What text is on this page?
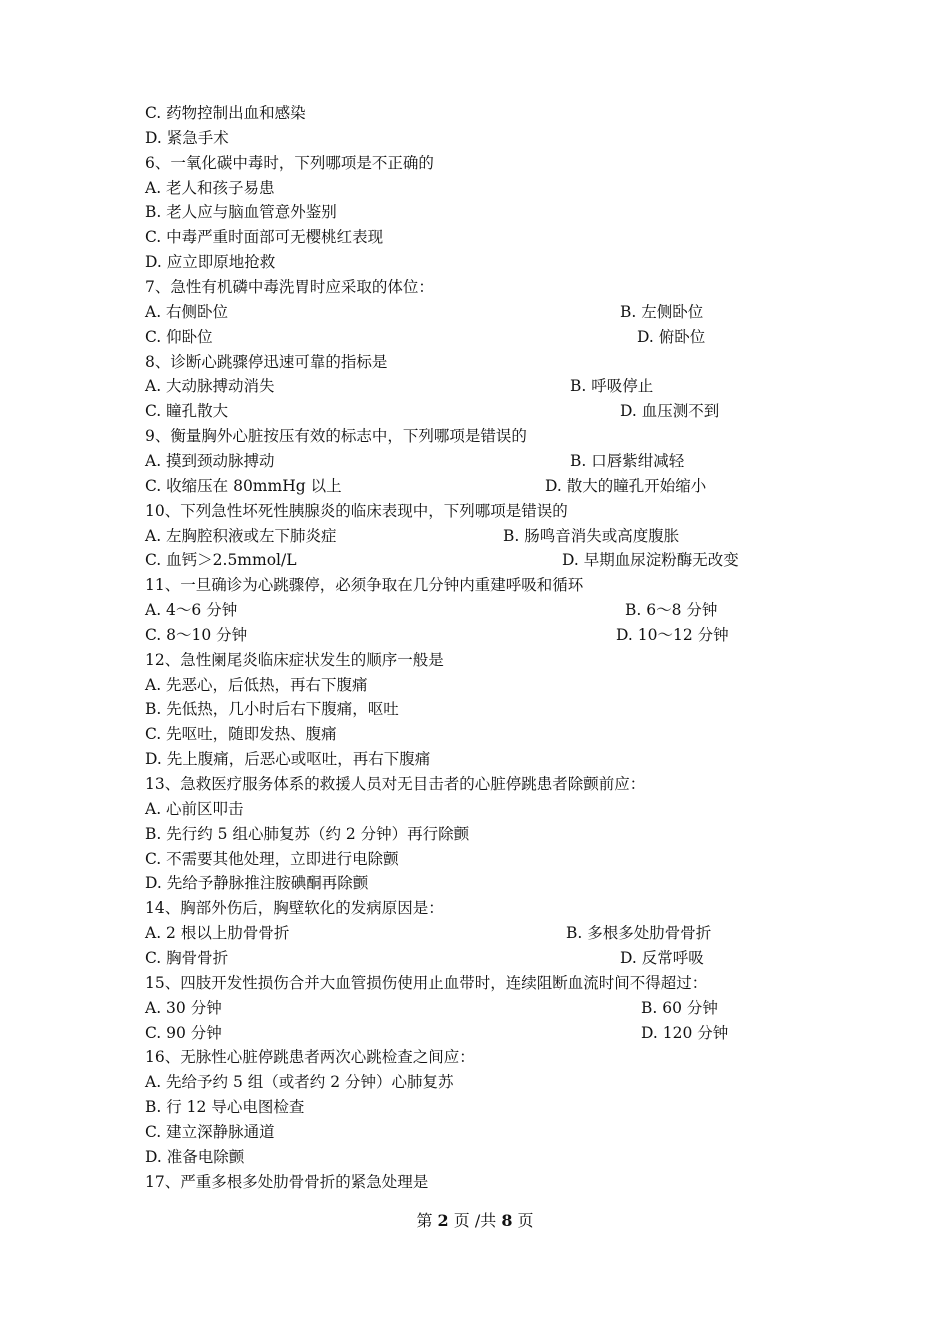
C. 药物控制出血和感染
D. 紧急手术
6、一氧化碳中毒时，下列哪项是不正确的
A. 老人和孩子易患
B. 老人应与脑血管意外鉴别
C. 中毒严重时面部可无樱桃红表现
D. 应立即原地抢救
7、急性有机磷中毒洗胃时应采取的体位：
A. 右侧卧位	B. 左侧卧位
C. 仰卧位	D. 俯卧位
8、诊断心跳骤停迅速可靠的指标是
A. 大动脉搏动消失	B. 呼吸停止
C. 瞳孔散大	D. 血压测不到
9、衡量胸外心脏按压有效的标志中，下列哪项是错误的
A. 摸到颈动脉搏动	B. 口唇紫绀减轻
C. 收缩压在 80mmHg 以上	D. 散大的瞳孔开始缩小
10、下列急性坏死性胰腺炎的临床表现中，下列哪项是错误的
A. 左胸腔积液或左下肺炎症	B. 肠鸣音消失或高度腹胀
C. 血钙＞2.5mmol/L	D. 早期血尿淀粉酶无改变
11、一旦确诊为心跳骤停，必须争取在几分钟内重建呼吸和循环
A. 4～6 分钟	B. 6～8 分钟
C. 8～10 分钟	D. 10～12 分钟
12、急性阑尾炎临床症状发生的顺序一般是
A. 先恶心，后低热，再右下腹痛
B. 先低热，几小时后右下腹痛，呕吐
C. 先呕吐，随即发热、腹痛
D. 先上腹痛，后恶心或呕吐，再右下腹痛
13、急救医疗服务体系的救援人员对无目击者的心脏停跳患者除颤前应：
A. 心前区叩击
B. 先行约 5 组心肺复苏（约 2 分钟）再行除颤
C. 不需要其他处理，立即进行电除颤
D. 先给予静脉推注胺碘酮再除颤
14、胸部外伤后，胸壁软化的发病原因是：
A. 2 根以上肋骨骨折	B. 多根多处肋骨骨折
C. 胸骨骨折	D. 反常呼吸
15、四肢开发性损伤合并大血管损伤使用止血带时，连续阻断血流时间不得超过：
A. 30 分钟	B. 60 分钟
C. 90 分钟	D. 120 分钟
16、无脉性心脏停跳患者两次心跳检查之间应：
A. 先给予约 5 组（或者约 2 分钟）心肺复苏
B. 行 12 导心电图检查
C. 建立深静脉通道
D. 准备电除颤
17、严重多根多处肋骨骨折的紧急处理是
第 2 页 /共 8 页
